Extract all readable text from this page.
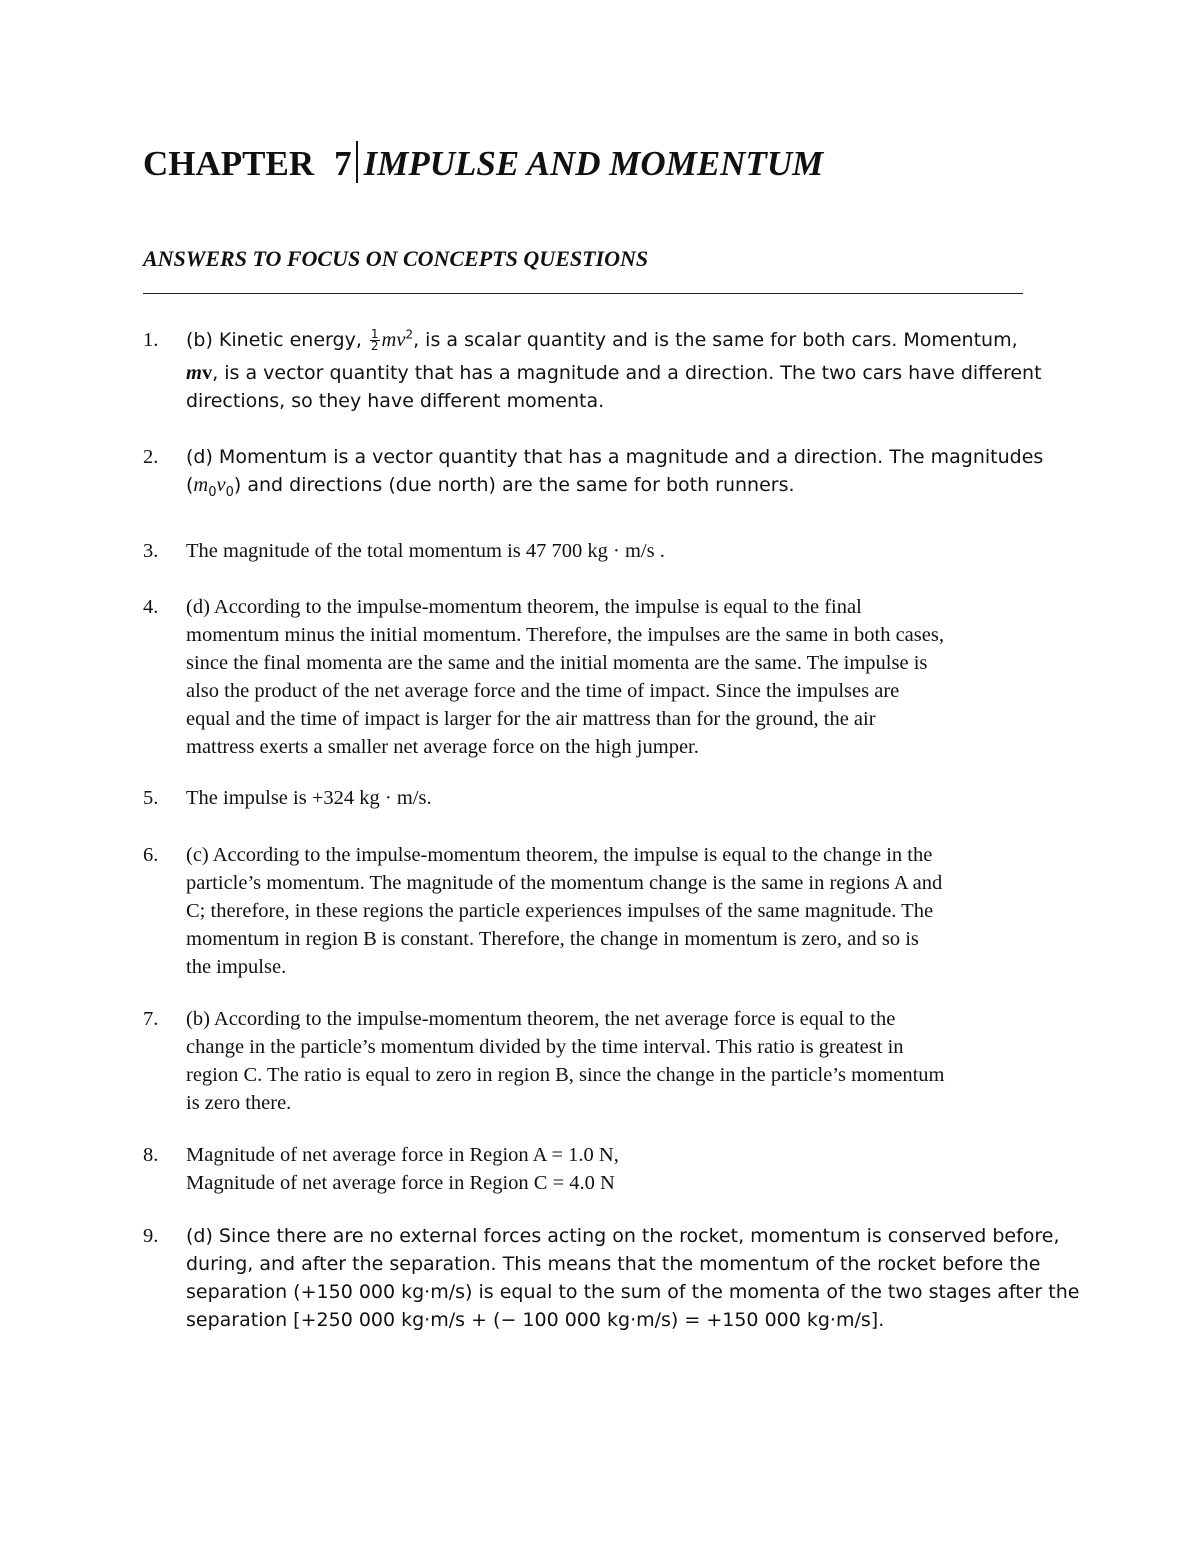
CHAPTER 7 IMPULSE AND MOMENTUM
ANSWERS TO FOCUS ON CONCEPTS QUESTIONS
1. (b) Kinetic energy, $\frac{1}{2} mv^2$, is a scalar quantity and is the same for both cars. Momentum,
mv, is a vector quantity that has a magnitude and a direction. The two cars have different
directions, so they have different momenta.
2. (d) Momentum is a vector quantity that has a magnitude and a direction. The magnitudes
$(m_0v_0)$ and directions (due north) are the same for both runners.
3. The magnitude of the total momentum is 47 700 kg · m/s .
4. (d) According to the impulse-momentum theorem, the impulse is equal to the final
momentum minus the initial momentum. Therefore, the impulses are the same in both cases,
since the final momenta are the same and the initial momenta are the same. The impulse is
also the product of the net average force and the time of impact. Since the impulses are
equal and the time of impact is larger for the air mattress than for the ground, the air
mattress exerts a smaller net average force on the high jumper.
5. The impulse is +324 kg · m/s.
6. (c) According to the impulse-momentum theorem, the impulse is equal to the change in the
particle’s momentum. The magnitude of the momentum change is the same in regions A and
C; therefore, in these regions the particle experiences impulses of the same magnitude. The
momentum in region B is constant. Therefore, the change in momentum is zero, and so is
the impulse.
7. (b) According to the impulse-momentum theorem, the net average force is equal to the
change in the particle’s momentum divided by the time interval. This ratio is greatest in
region C. The ratio is equal to zero in region B, since the change in the particle’s momentum
is zero there.
8. Magnitude of net average force in Region A = 1.0 N,
Magnitude of net average force in Region C = 4.0 N
9. (d) Since there are no external forces acting on the rocket, momentum is conserved before,
during, and after the separation. This means that the momentum of the rocket before the
separation (+150 000 kg·m/s) is equal to the sum of the momenta of the two stages after the
separation [+250 000 kg·m/s + (− 100 000 kg·m/s) = +150 000 kg·m/s].
